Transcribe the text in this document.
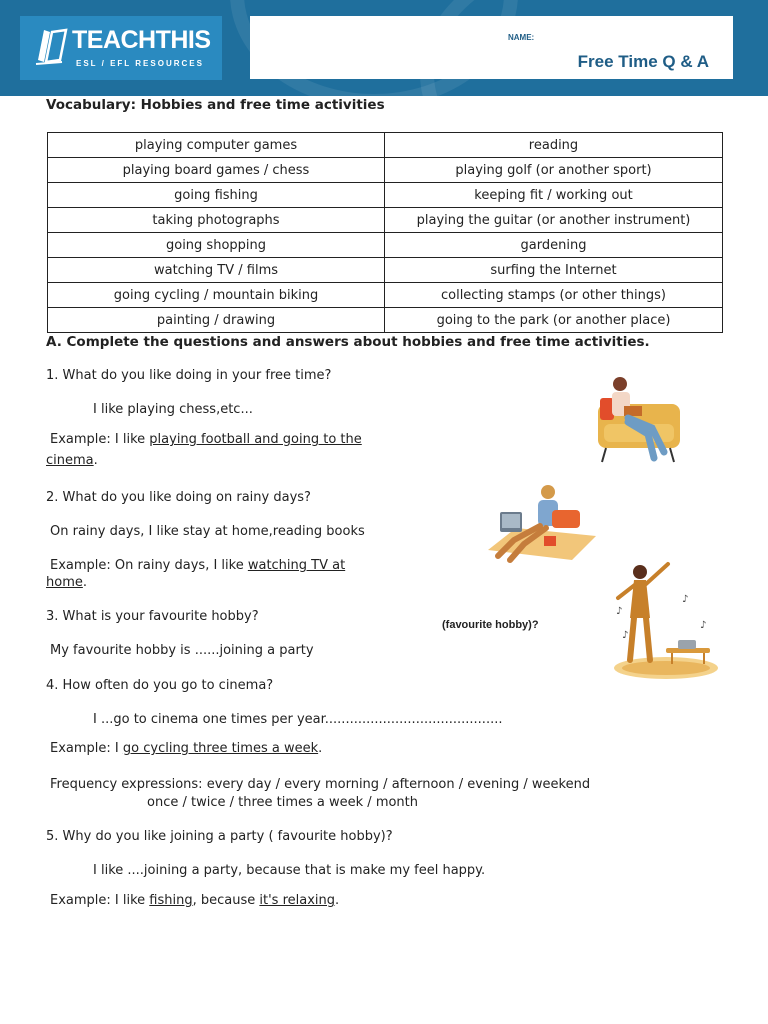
TEACHTHIS
ESL / EFL RESOURCES
NAME:
Free Time Q & A
Vocabulary: Hobbies and free time activities
playing computer games	reading
playing board games / chess	playing golf (or another sport)
going fishing	keeping fit / working out
taking photographs	playing the guitar (or another instrument)
going shopping	gardening
watching TV / films	surfing the Internet
going cycling / mountain biking	collecting stamps (or other things)
painting / drawing	going to the park (or another place)
A. Complete the questions and answers about hobbies and free time activities.
1. What do you like doing in your free time?
I like playing chess,etc...
Example: I like playing football and going to the
cinema.
2. What do you like doing on rainy days?
On rainy days, I like stay at home,reading books
Example: On rainy days, I like watching TV at
home.
3. What is your favourite hobby?
(favourite hobby)?
My favourite hobby is ......joining a party
4. How often do you go to cinema?
I ...go to cinema one times per year...........................................
Example: I go cycling three times a week.
Frequency expressions: every day / every morning / afternoon / evening / weekend
once / twice / three times a week / month
5. Why do you like joining a party ( favourite hobby)?
I like ....joining a party, because that is make my feel happy.
Example: I like fishing, because it's relaxing.
♪
♪
♪
♪
